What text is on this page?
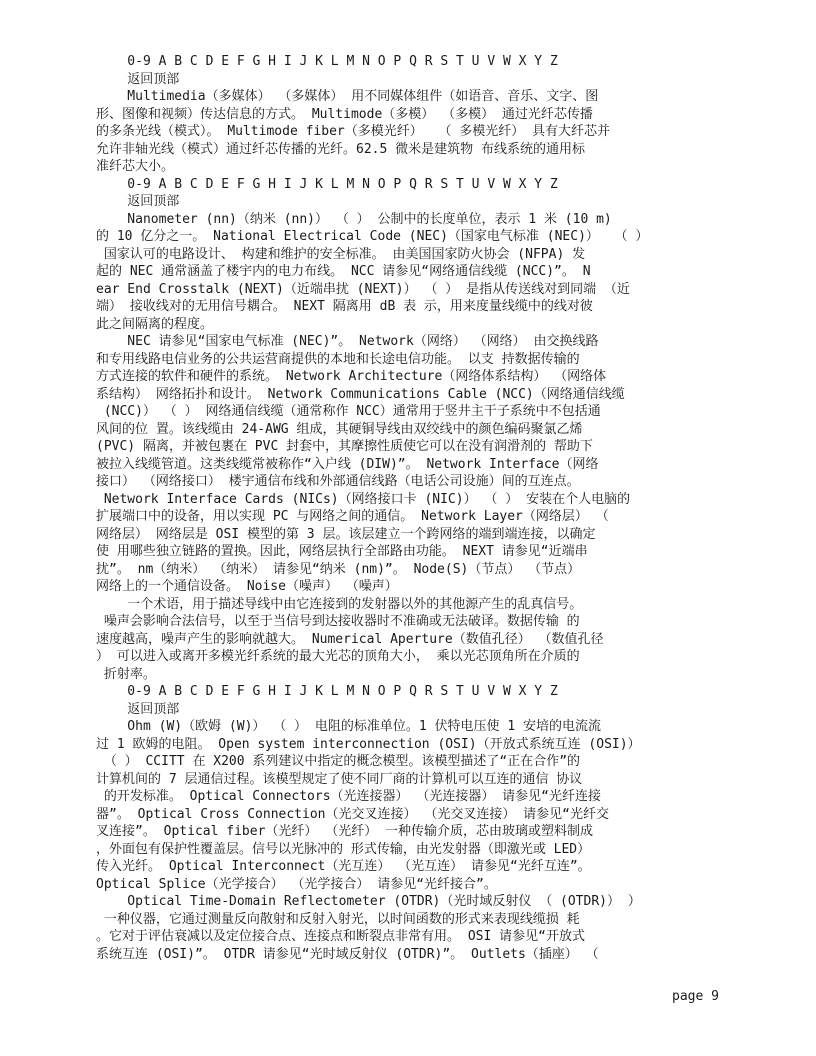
0-9 A B C D E F G H I J K L M N O P Q R S T U V W X Y Z

返回顶部

Multimedia（多媒体） （多媒体） 用不同媒体组件（如语音、音乐、文字、图

形、图像和视频）传达信息的方式。 Multimode（多模） （多模） 通过光纤芯传播

的多条光线（模式）。 Multimode fiber（多模光纤）  （ 多模光纤） 具有大纤芯并

允许非轴光线（模式）通过纤芯传播的光纤。62.5 微米是建筑物 布线系统的通用标

准纤芯大小。

0-9 A B C D E F G H I J K L M N O P Q R S T U V W X Y Z

返回顶部

Nanometer (nn)（纳米 (nn)） （ ） 公制中的长度单位，表示 1 米 (10 m)

的 10 亿分之一。 National Electrical Code (NEC)（国家电气标准 (NEC)）  （ ）

国家认可的电路设计、 构建和维护的安全标准。 由美国国家防火协会 (NFPA) 发

起的 NEC 通常涵盖了楼宇内的电力布线。 NCC 请参见“网络通信线缆 (NCC)”。 N

ear End Crosstalk (NEXT)（近端串扰 (NEXT)） （ ） 是指从传送线对到同端 （近

端） 接收线对的无用信号耦合。 NEXT 隔离用 dB 表 示，用来度量线缆中的线对彼

此之间隔离的程度。

NEC 请参见“国家电气标准 (NEC)”。 Network（网络） （网络） 由交换线路

和专用线路电信业务的公共运营商提供的本地和长途电信功能。 以支 持数据传输的

方式连接的软件和硬件的系统。 Network Architecture（网络体系结构） （网络体

系结构） 网络拓扑和设计。 Network Communications Cable (NCC)（网络通信线缆

(NCC)） （ ） 网络通信线缆（通常称作 NCC）通常用于竖井主干子系统中不包括通

风间的位 置。该线缆由 24-AWG 组成，其硬铜导线由双绞线中的颜色编码聚氯乙烯

(PVC) 隔离，并被包裹在 PVC 封套中，其摩擦性质使它可以在没有润滑剂的 帮助下

被拉入线缆管道。这类线缆常被称作“入户线 (DIW)”。 Network Interface（网络

接口） （网络接口） 楼宇通信布线和外部通信线路（电话公司设施）间的互连点。

Network Interface Cards (NICs)（网络接口卡 (NIC)） （ ） 安装在个人电脑的

扩展端口中的设备，用以实现 PC 与网络之间的通信。 Network Layer（网络层） （

网络层） 网络层是 OSI 模型的第 3 层。该层建立一个跨网络的端到端连接，以确定

使 用哪些独立链路的置换。因此，网络层执行全部路由功能。 NEXT 请参见“近端串

扰”。 nm（纳米） （纳米） 请参见“纳米 (nm)”。 Node(S)（节点） （节点）

网络上的一个通信设备。 Noise（噪声） （噪声）

一个术语，用于描述导线中由它连接到的发射器以外的其他源产生的乱真信号。

噪声会影响合法信号，以至于当信号到达接收器时不准确或无法破译。数据传输 的

速度越高，噪声产生的影响就越大。 Numerical Aperture（数值孔径） （数值孔径

） 可以进入或离开多模光纤系统的最大光芯的顶角大小， 乘以光芯顶角所在介质的

折射率。

0-9 A B C D E F G H I J K L M N O P Q R S T U V W X Y Z

返回顶部

Ohm (W)（欧姆 (W)） （ ） 电阻的标准单位。1 伏特电压使 1 安培的电流流

过 1 欧姆的电阻。 Open system interconnection (OSI)（开放式系统互连 (OSI)）

（ ） CCITT 在 X200 系列建议中指定的概念模型。该模型描述了“正在合作”的

计算机间的 7 层通信过程。该模型规定了使不同厂商的计算机可以互连的通信 协议

的开发标准。 Optical Connectors（光连接器） （光连接器） 请参见“光纤连接

器”。 Optical Cross Connection（光交叉连接） （光交叉连接） 请参见“光纤交

叉连接”。 Optical fiber（光纤） （光纤） 一种传输介质，芯由玻璃或塑料制成

，外面包有保护性覆盖层。信号以光脉冲的 形式传输，由光发射器（即激光或 LED）

传入光纤。 Optical Interconnect（光互连） （光互连） 请参见“光纤互连”。

Optical Splice（光学接合） （光学接合） 请参见“光纤接合”。

Optical Time-Domain Reflectometer (OTDR)（光时域反射仪 （ (OTDR)） ）

一种仪器，它通过测量反向散射和反射入射光，以时间函数的形式来表现线缆损 耗

。它对于评估衰减以及定位接合点、连接点和断裂点非常有用。 OSI 请参见“开放式

系统互连 (OSI)”。 OTDR 请参见“光时域反射仪 (OTDR)”。 Outlets（插座） （

page 9
